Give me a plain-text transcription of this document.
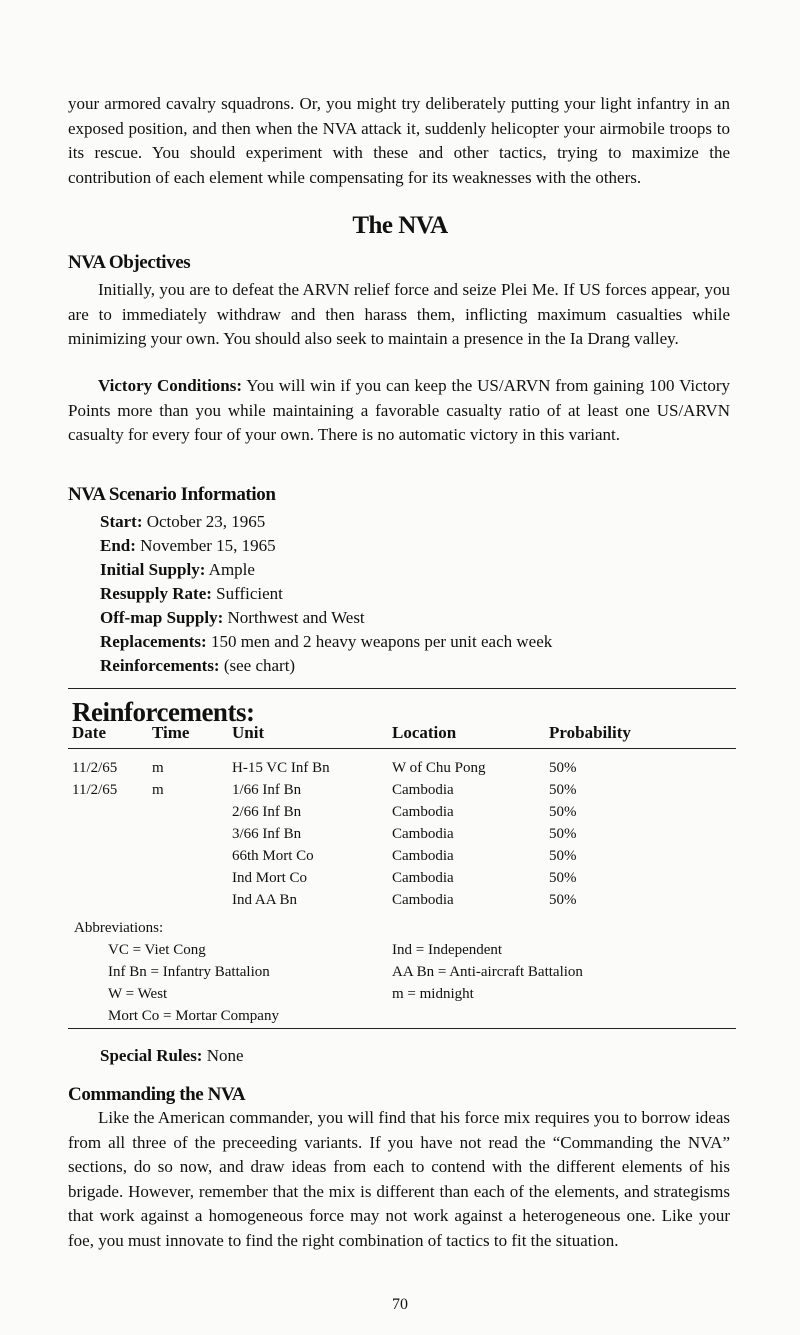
your armored cavalry squadrons. Or, you might try deliberately putting your light infantry in an exposed position, and then when the NVA attack it, suddenly helicopter your airmobile troops to its rescue. You should experiment with these and other tactics, trying to maximize the contribution of each element while compensating for its weaknesses with the others.

The NVA
NVA Objectives

Initially, you are to defeat the ARVN relief force and seize Plei Me. If US forces appear, you are to immediately withdraw and then harass them, inflicting maximum casualties while minimizing your own. You should also seek to maintain a presence in the Ia Drang valley.

Victory Conditions: You will win if you can keep the US/ARVN from gaining 100 Victory Points more than you while maintaining a favorable casualty ratio of at least one US/ARVN casualty for every four of your own. There is no automatic victory in this variant.

NVA Scenario Information
Start: October 23, 1965
End: November 15, 1965
Initial Supply: Ample
Resupply Rate: Sufficient
Off-map Supply: Northwest and West
Replacements: 150 men and 2 heavy weapons per unit each week
Reinforcements: (see chart)
Reinforcements:
Date	Time	Unit	Location	Probability
11/2/65	m	H-15 VC Inf Bn	W of Chu Pong	50%
11/2/65	m	1/66 Inf Bn	Cambodia	50%
		2/66 Inf Bn	Cambodia	50%
		3/66 Inf Bn	Cambodia	50%
		66th Mort Co	Cambodia	50%
		Ind Mort Co	Cambodia	50%
		Ind AA Bn	Cambodia	50%
Abbreviations:
VC = Viet Cong
Inf Bn = Infantry Battalion
W = West
Mort Co = Mortar Company
Ind = Independent
AA Bn = Anti-aircraft Battalion
m = midnight
Special Rules: None
Commanding the NVA

Like the American commander, you will find that his force mix requires you to borrow ideas from all three of the preceeding variants. If you have not read the “Commanding the NVA” sections, do so now, and draw ideas from each to contend with the different elements of his brigade. However, remember that the mix is different than each of the elements, and strategisms that work against a homogeneous force may not work against a heterogeneous one. Like your foe, you must innovate to find the right combination of tactics to fit the situation.

70
